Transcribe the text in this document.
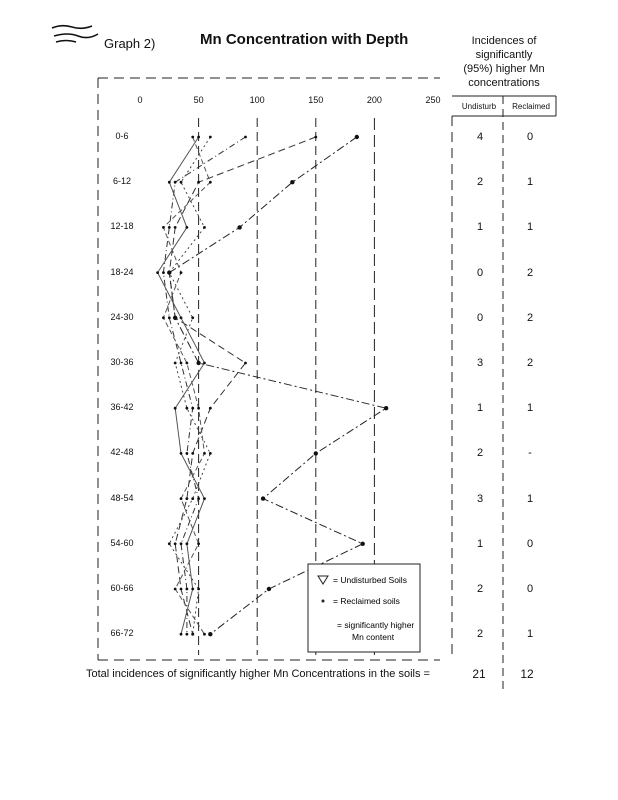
Graph 2)	Mn Concentration with Depth	Incidences of
significantly
(95%) higher Mn
concentrations
Undisturb	Reclaimed
= Undisturbed Soils
= Reclaimed soils
= significantly higher
Mn content
0	50	100	150	200	250
0-6
6-12
12-18
18-24
24-30
30-36
36-42
42-48
48-54
54-60
60-66
66-72
4	0
2	1
1	1
0	2
0	2
3	2
1	1
2	-
3	1
1	0
2	0
2	1
Total incidences of significantly higher Mn Concentrations in the soils =	21	12
